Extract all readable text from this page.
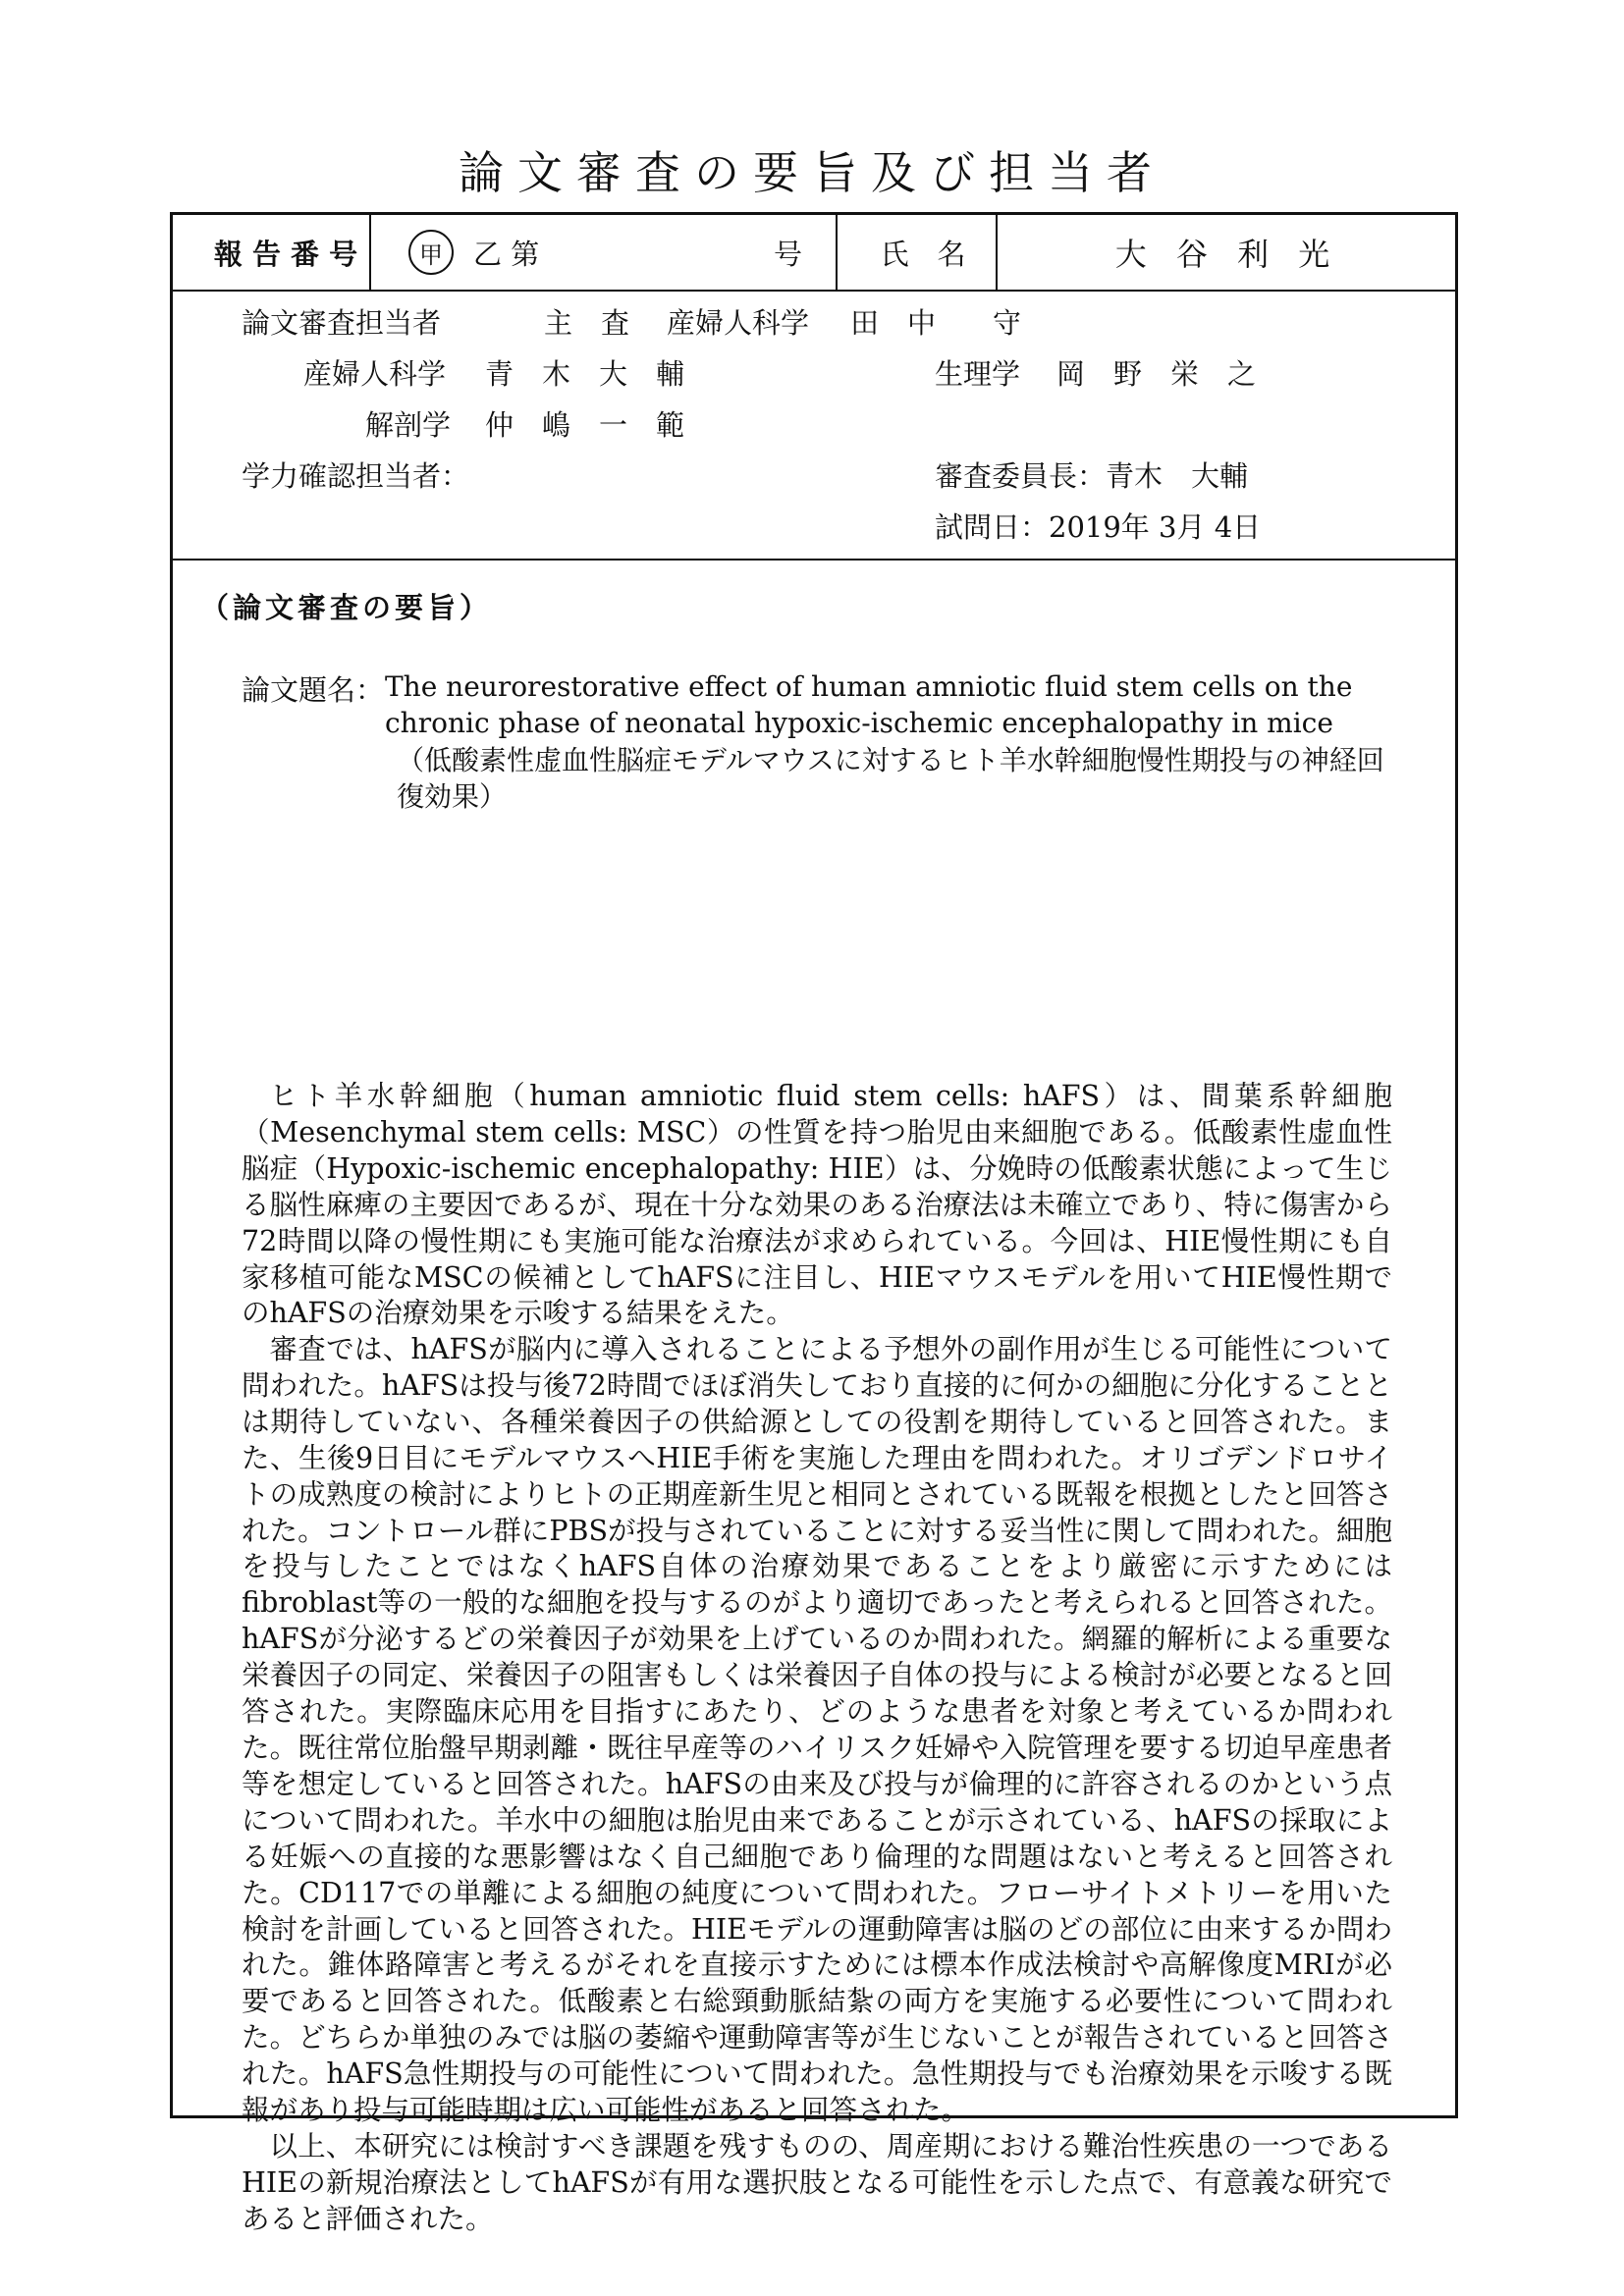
論文審査の要旨及び担当者
報 告 番 号	甲	乙 第	号	氏　名	大 谷 利 光
論文審査担当者	主　査 産婦人科学 田　中　　守
産婦人科学 青　木　大　輔	生理学 岡　野　栄　之
解剖学 仲　嶋　一　範
学力確認担当者：	審査委員長：青木　大輔
試問日：2019年 3月 4日
（論文審査の要旨）
論文題名： The neurorestorative effect of human amniotic fluid stem cells on the chronic phase of neonatal hypoxic-ischemic encephalopathy in mice
（低酸素性虚血性脳症モデルマウスに対するヒト羊水幹細胞慢性期投与の神経回復効果）

ヒト羊水幹細胞（human amniotic fluid stem cells: hAFS）は、間葉系幹細胞（Mesenchymal stem cells: MSC）の性質を持つ胎児由来細胞である。低酸素性虚血性脳症（Hypoxic-ischemic encephalopathy: HIE）は、分娩時の低酸素状態によって生じる脳性麻痺の主要因であるが、現在十分な効果のある治療法は未確立であり、特に傷害から72時間以降の慢性期にも実施可能な治療法が求められている。今回は、HIE慢性期にも自家移植可能なMSCの候補としてhAFSに注目し、HIEマウスモデルを用いてHIE慢性期でのhAFSの治療効果を示唆する結果をえた。

審査では、hAFSが脳内に導入されることによる予想外の副作用が生じる可能性について問われた。hAFSは投与後72時間でほぼ消失しており直接的に何かの細胞に分化することとは期待していない、各種栄養因子の供給源としての役割を期待していると回答された。また、生後9日目にモデルマウスへHIE手術を実施した理由を問われた。オリゴデンドロサイトの成熟度の検討によりヒトの正期産新生児と相同とされている既報を根拠としたと回答された。コントロール群にPBSが投与されていることに対する妥当性に関して問われた。細胞を投与したことではなくhAFS自体の治療効果であることをより厳密に示すためにはfibroblast等の一般的な細胞を投与するのがより適切であったと考えられると回答された。hAFSが分泌するどの栄養因子が効果を上げているのか問われた。網羅的解析による重要な栄養因子の同定、栄養因子の阻害もしくは栄養因子自体の投与による検討が必要となると回答された。実際臨床応用を目指すにあたり、どのような患者を対象と考えているか問われた。既往常位胎盤早期剥離・既往早産等のハイリスク妊婦や入院管理を要する切迫早産患者等を想定していると回答された。hAFSの由来及び投与が倫理的に許容されるのかという点について問われた。羊水中の細胞は胎児由来であることが示されている、hAFSの採取による妊娠への直接的な悪影響はなく自己細胞であり倫理的な問題はないと考えると回答された。CD117での単離による細胞の純度について問われた。フローサイトメトリーを用いた検討を計画していると回答された。HIEモデルの運動障害は脳のどの部位に由来するか問われた。錐体路障害と考えるがそれを直接示すためには標本作成法検討や高解像度MRIが必要であると回答された。低酸素と右総頸動脈結紮の両方を実施する必要性について問われた。どちらか単独のみでは脳の萎縮や運動障害等が生じないことが報告されていると回答された。hAFS急性期投与の可能性について問われた。急性期投与でも治療効果を示唆する既報があり投与可能時期は広い可能性があると回答された。

以上、本研究には検討すべき課題を残すものの、周産期における難治性疾患の一つであるHIEの新規治療法としてhAFSが有用な選択肢となる可能性を示した点で、有意義な研究であると評価された。
